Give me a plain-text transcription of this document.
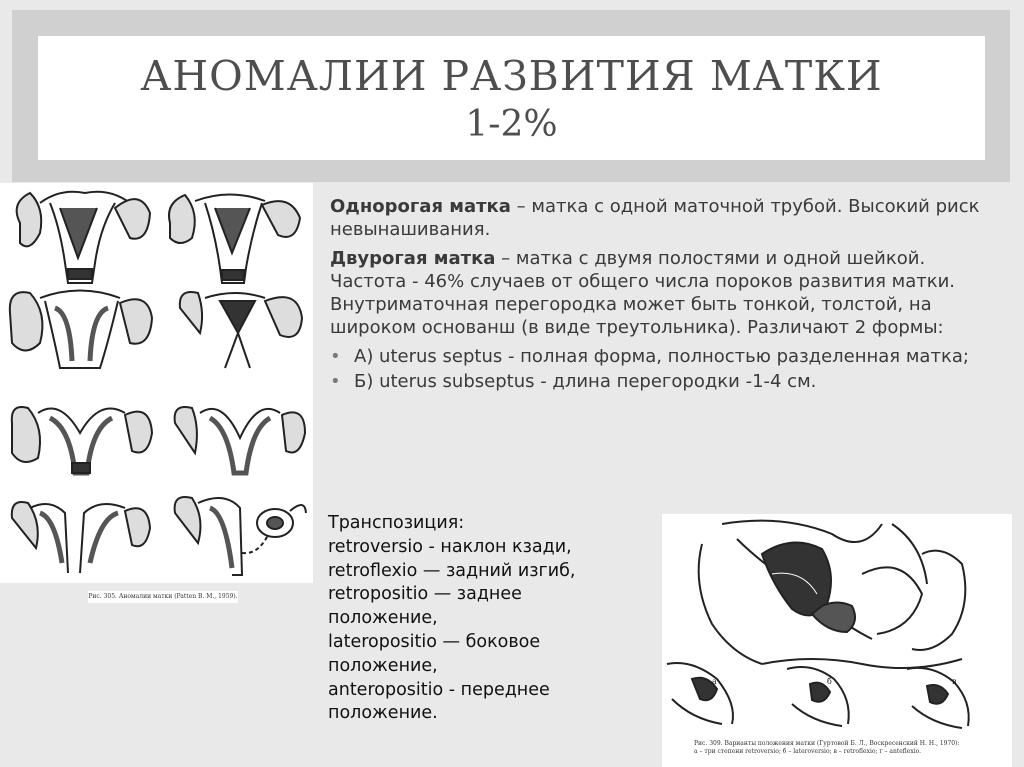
АНОМАЛИИ РАЗВИТИЯ МАТКИ
1-2%
Рис. 305. Аномалии матки (Patten B. M., 1959).

Однорогая матка – матка с одной маточной трубой. Высокий риск невынашивания.

Двурогая матка – матка с двумя полостями и одной шейкой. Частота - 46% случаев от общего числа пороков развития матки. Внутриматочная перегородка может быть тонкой, толстой, на широком основанш (в виде треутольника). Различают 2 формы:

• А) uterus septus - полная форма, полностью разделенная матка;
• Б) uterus subseptus - длина перегородки -1-4 см.
Транспозиция:
retroversio - наклон кзади,
retroflexio — задний изгиб,
retropositio — заднее
положение,
lateropositio — боковое
положение,
anteropositio - переднее
положение.
а	б	в
Рис. 309. Варианты положения матки (Гуртовой Б. Л., Воскресенский Н. Н., 1970):
а – три степени retroversio; б – lateroversio; в – retroflexio; г – anteflexio.
